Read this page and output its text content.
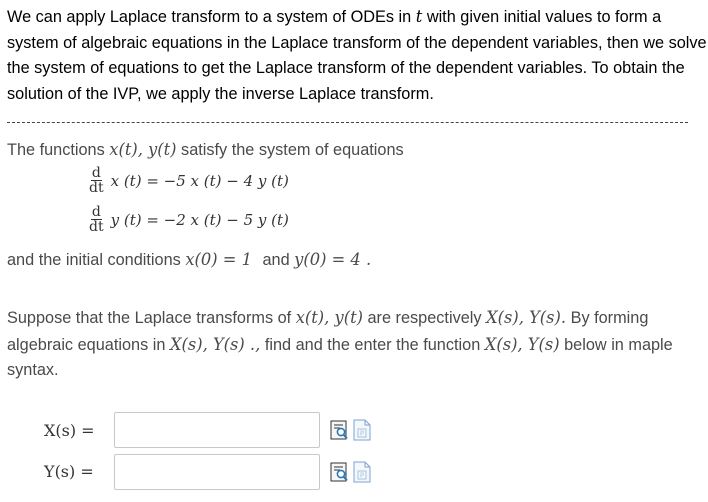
We can apply Laplace transform to a system of ODEs in t with given initial values to form a system of algebraic equations in the Laplace transform of the dependent variables, then we solve the system of equations to get the Laplace transform of the dependent variables. To obtain the solution of the IVP, we apply the inverse Laplace transform.
The functions x(t), y(t) satisfy the system of equations
$\frac{d}{dt}$ x (t) = −5 x (t) − 4 y (t)
$\frac{d}{dt}$ y (t) = −2 x (t) − 5 y (t)
and the initial conditions x(0) = 1 and y(0) = 4 .
Suppose that the Laplace transforms of x(t), y(t) are respectively X(s), Y(s). By forming algebraic equations in X(s), Y(s) ., find and the enter the function X(s), Y(s) below in maple syntax.
X(s) =	P
Y(s) =	P
